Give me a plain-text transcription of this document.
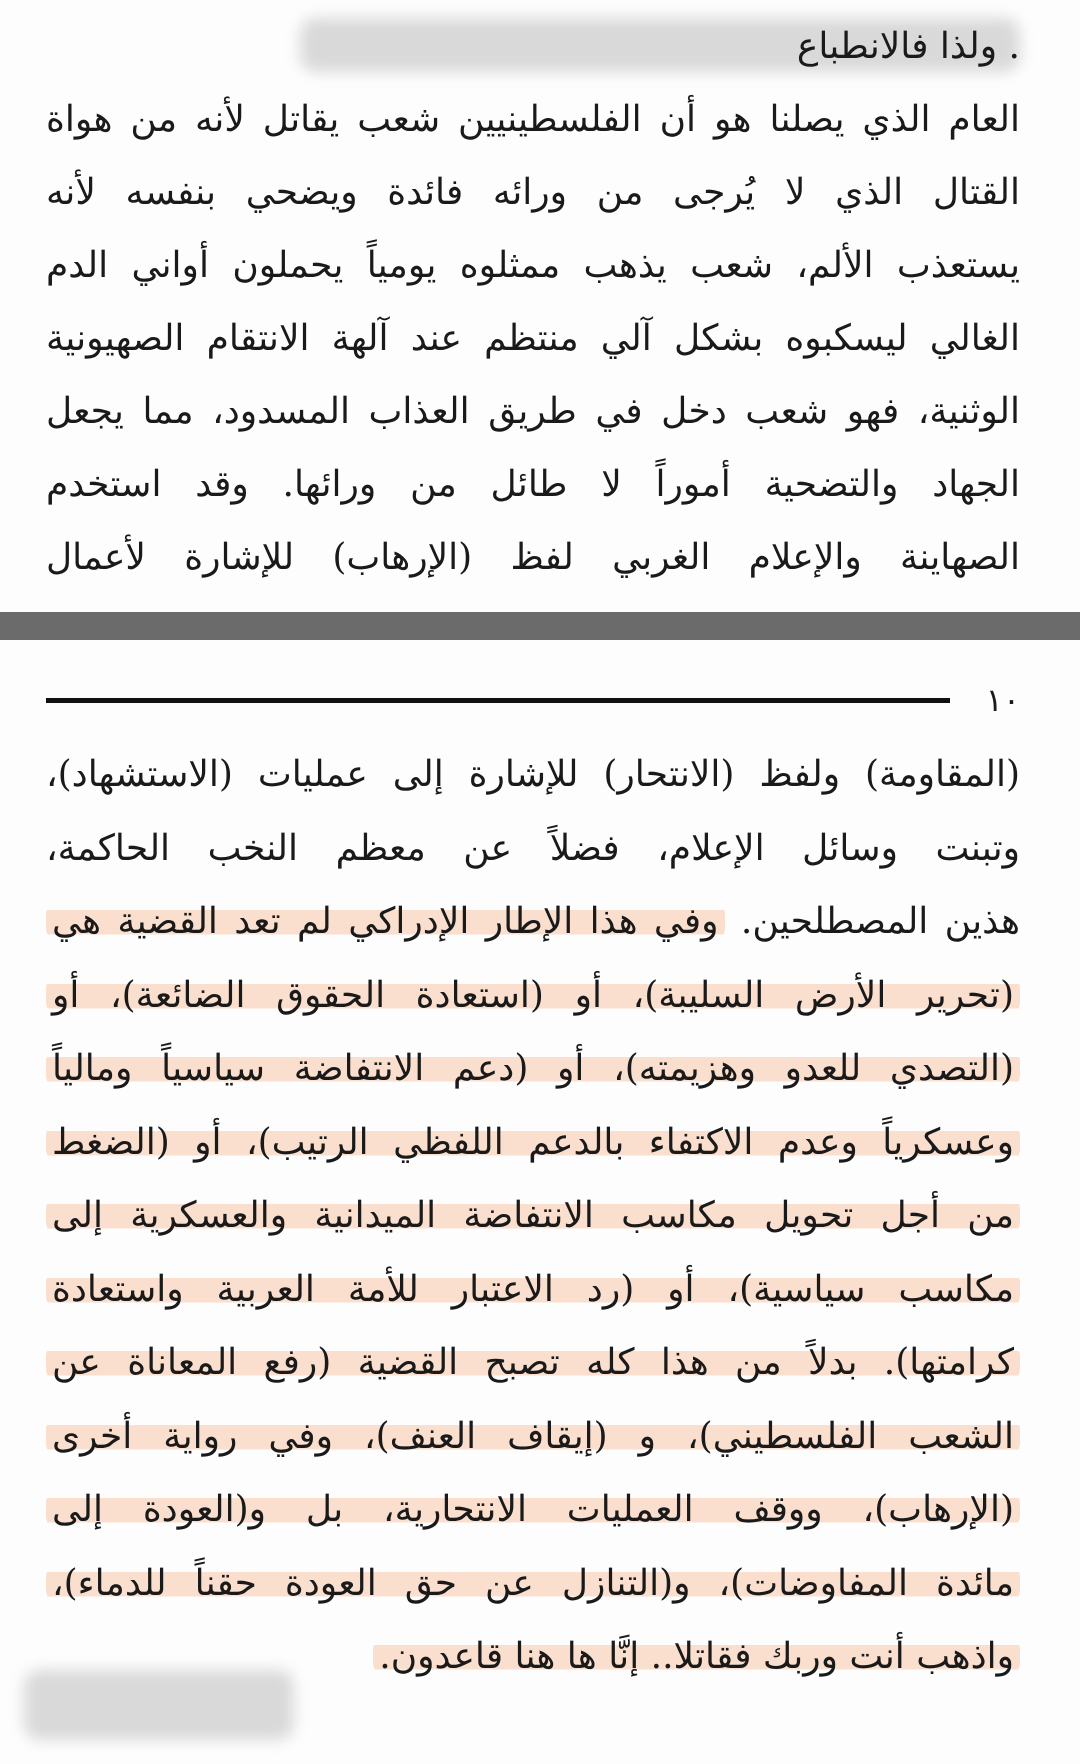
. ولذا فالانطباع
العام الذي يصلنا هو أن الفلسطينيين شعب يقاتل لأنه من هواة
القتال الذي لا يُرجى من ورائه فائدة ويضحي بنفسه لأنه
يستعذب الألم، شعب يذهب ممثلوه يومياً يحملون أواني الدم
الغالي ليسكبوه بشكل آلي منتظم عند آلهة الانتقام الصهيونية
الوثنية، فهو شعب دخل في طريق العذاب المسدود، مما يجعل
الجهاد والتضحية أموراً لا طائل من ورائها. وقد استخدم
الصهاينة والإعلام الغربي لفظ (الإرهاب) للإشارة لأعمال
١٠
(المقاومة) ولفظ (الانتحار) للإشارة إلى عمليات (الاستشهاد)،
وتبنت وسائل الإعلام، فضلاً عن معظم النخب الحاكمة،
هذين المصطلحين. وفي هذا الإطار الإدراكي لم تعد القضية هي
(تحرير الأرض السليبة)، أو (استعادة الحقوق الضائعة)، أو
(التصدي للعدو وهزيمته)، أو (دعم الانتفاضة سياسياً ومالياً
وعسكرياً وعدم الاكتفاء بالدعم اللفظي الرتيب)، أو (الضغط
من أجل تحويل مكاسب الانتفاضة الميدانية والعسكرية إلى
مكاسب سياسية)، أو (رد الاعتبار للأمة العربية واستعادة
كرامتها). بدلاً من هذا كله تصبح القضية (رفع المعاناة عن
الشعب الفلسطيني)، و (إيقاف العنف)، وفي رواية أخرى
(الإرهاب)، ووقف العمليات الانتحارية، بل و(العودة إلى
مائدة المفاوضات)، و(التنازل عن حق العودة حقناً للدماء)،
واذهب أنت وربك فقاتلا.. إنَّا ها هنا قاعدون.
